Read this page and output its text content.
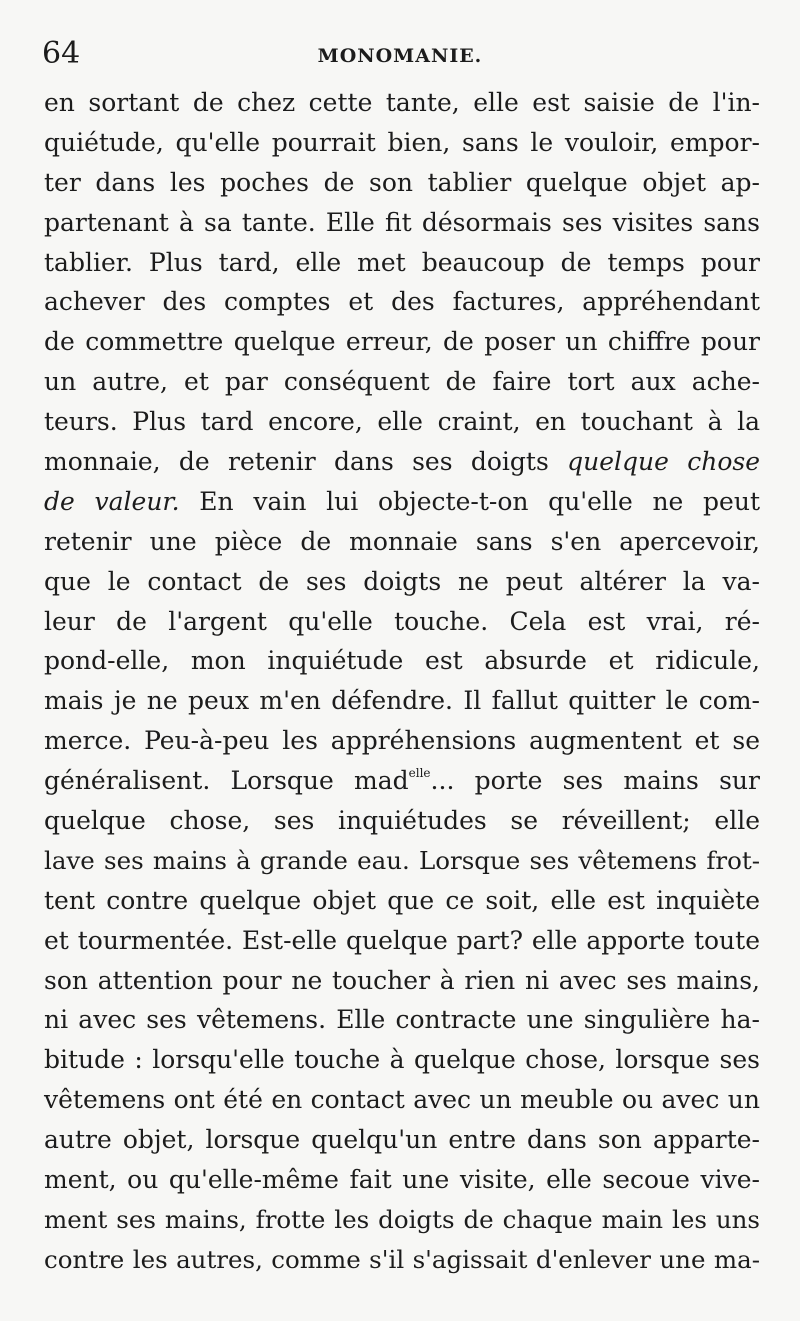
64	MONOMANIE.
en sortant de chez cette tante, elle est saisie de l'in-
quiétude, qu'elle pourrait bien, sans le vouloir, empor-
ter dans les poches de son tablier quelque objet ap-
partenant à sa tante. Elle fit désormais ses visites sans
tablier. Plus tard, elle met beaucoup de temps pour
achever des comptes et des factures, appréhendant
de commettre quelque erreur, de poser un chiffre pour
un autre, et par conséquent de faire tort aux ache-
teurs. Plus tard encore, elle craint, en touchant à la
monnaie, de retenir dans ses doigts quelque chose
de valeur. En vain lui objecte-t-on qu'elle ne peut
retenir une pièce de monnaie sans s'en apercevoir,
que le contact de ses doigts ne peut altérer la va-
leur de l'argent qu'elle touche. Cela est vrai, ré-
pond-elle, mon inquiétude est absurde et ridicule,
mais je ne peux m'en défendre. Il fallut quitter le com-
merce. Peu-à-peu les appréhensions augmentent et se
généralisent. Lorsque mad$^{elle}$... porte ses mains sur
quelque chose, ses inquiétudes se réveillent; elle
lave ses mains à grande eau. Lorsque ses vêtemens frot-
tent contre quelque objet que ce soit, elle est inquiète
et tourmentée. Est-elle quelque part? elle apporte toute
son attention pour ne toucher à rien ni avec ses mains,
ni avec ses vêtemens. Elle contracte une singulière ha-
bitude : lorsqu'elle touche à quelque chose, lorsque ses
vêtemens ont été en contact avec un meuble ou avec un
autre objet, lorsque quelqu'un entre dans son apparte-
ment, ou qu'elle-même fait une visite, elle secoue vive-
ment ses mains, frotte les doigts de chaque main les uns
contre les autres, comme s'il s'agissait d'enlever une ma-
